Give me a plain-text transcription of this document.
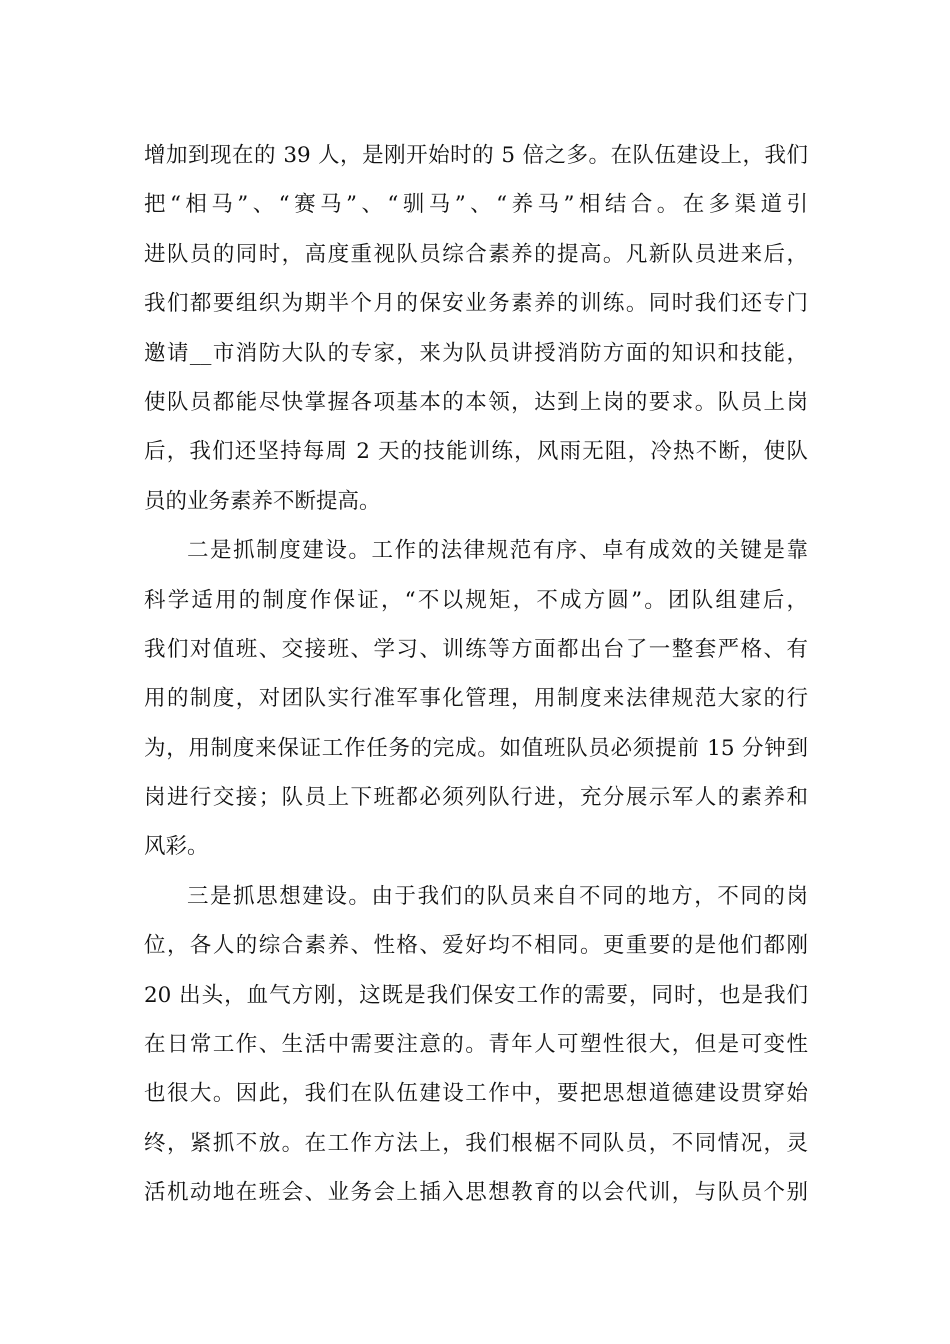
增加到现在的 39 人，是刚开始时的 5 倍之多。在队伍建设上，我们
把“相马”、“赛马”、“驯马”、“养马”相结合。在多渠道引
进队员的同时，高度重视队员综合素养的提高。凡新队员进来后，
我们都要组织为期半个月的保安业务素养的训练。同时我们还专门
邀请__市消防大队的专家，来为队员讲授消防方面的知识和技能，
使队员都能尽快掌握各项基本的本领，达到上岗的要求。队员上岗
后，我们还坚持每周 2 天的技能训练，风雨无阻，冷热不断，使队
员的业务素养不断提高。
二是抓制度建设。工作的法律规范有序、卓有成效的关键是靠
科学适用的制度作保证，“不以规矩，不成方圆”。团队组建后，
我们对值班、交接班、学习、训练等方面都出台了一整套严格、有
用的制度，对团队实行准军事化管理，用制度来法律规范大家的行
为，用制度来保证工作任务的完成。如值班队员必须提前 15 分钟到
岗进行交接；队员上下班都必须列队行进，充分展示军人的素养和
风彩。
三是抓思想建设。由于我们的队员来自不同的地方，不同的岗
位，各人的综合素养、性格、爱好均不相同。更重要的是他们都刚
20 出头，血气方刚，这既是我们保安工作的需要，同时，也是我们
在日常工作、生活中需要注意的。青年人可塑性很大，但是可变性
也很大。因此，我们在队伍建设工作中，要把思想道德建设贯穿始
终，紧抓不放。在工作方法上，我们根椐不同队员，不同情况，灵
活机动地在班会、业务会上插入思想教育的以会代训，与队员个别
